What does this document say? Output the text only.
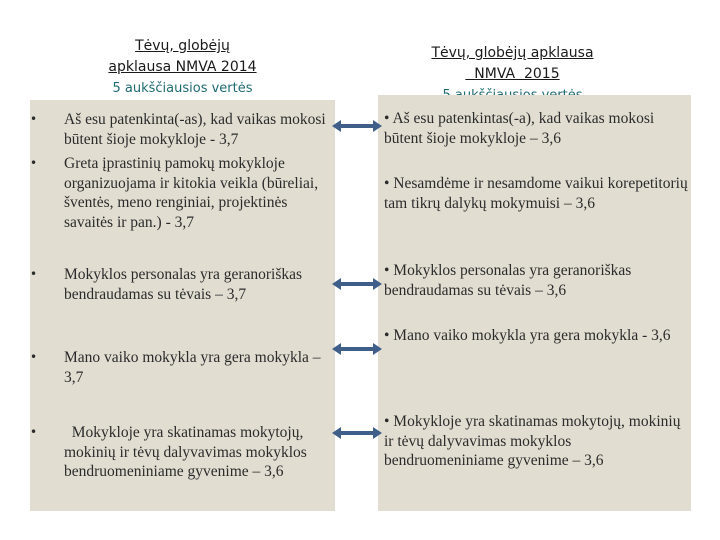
Tėvų, globėjų
apklausa NMVA 2014
5 aukščiausios vertės
Tėvų, globėjų apklausa
NMVA  2015
• Aš esu patenkinta(-as), kad vaikas mokosi būtent šioje mokykloje - 3,7
• Greta įprastinių pamokų mokykloje organizuojama ir kitokia veikla (būreliai, šventės, meno renginiai, projektinės savaitės ir pan.) - 3,7
• Mokyklos personalas yra geranoriškas bendraudamas su tėvais – 3,7
• Mano vaiko mokykla yra gera mokykla – 3,7
• Mokykloje yra skatinamas mokytojų, mokinių ir tėvų dalyvavimas mokyklos bendruomeniniame gyvenime – 3,6
• Aš esu patenkintas(-a), kad vaikas mokosi būtent šioje mokykloje – 3,6
• Nesamdėme ir nesamdome vaikui korepetitorių tam tikrų dalykų mokymuisi – 3,6
• Mokyklos personalas yra geranoriškas bendraudamas su tėvais – 3,6
• Mano vaiko mokykla yra gera mokykla - 3,6
• Mokykloje yra skatinamas mokytojų, mokinių ir tėvų dalyvavimas mokyklos bendruomeniniame gyvenime – 3,6
